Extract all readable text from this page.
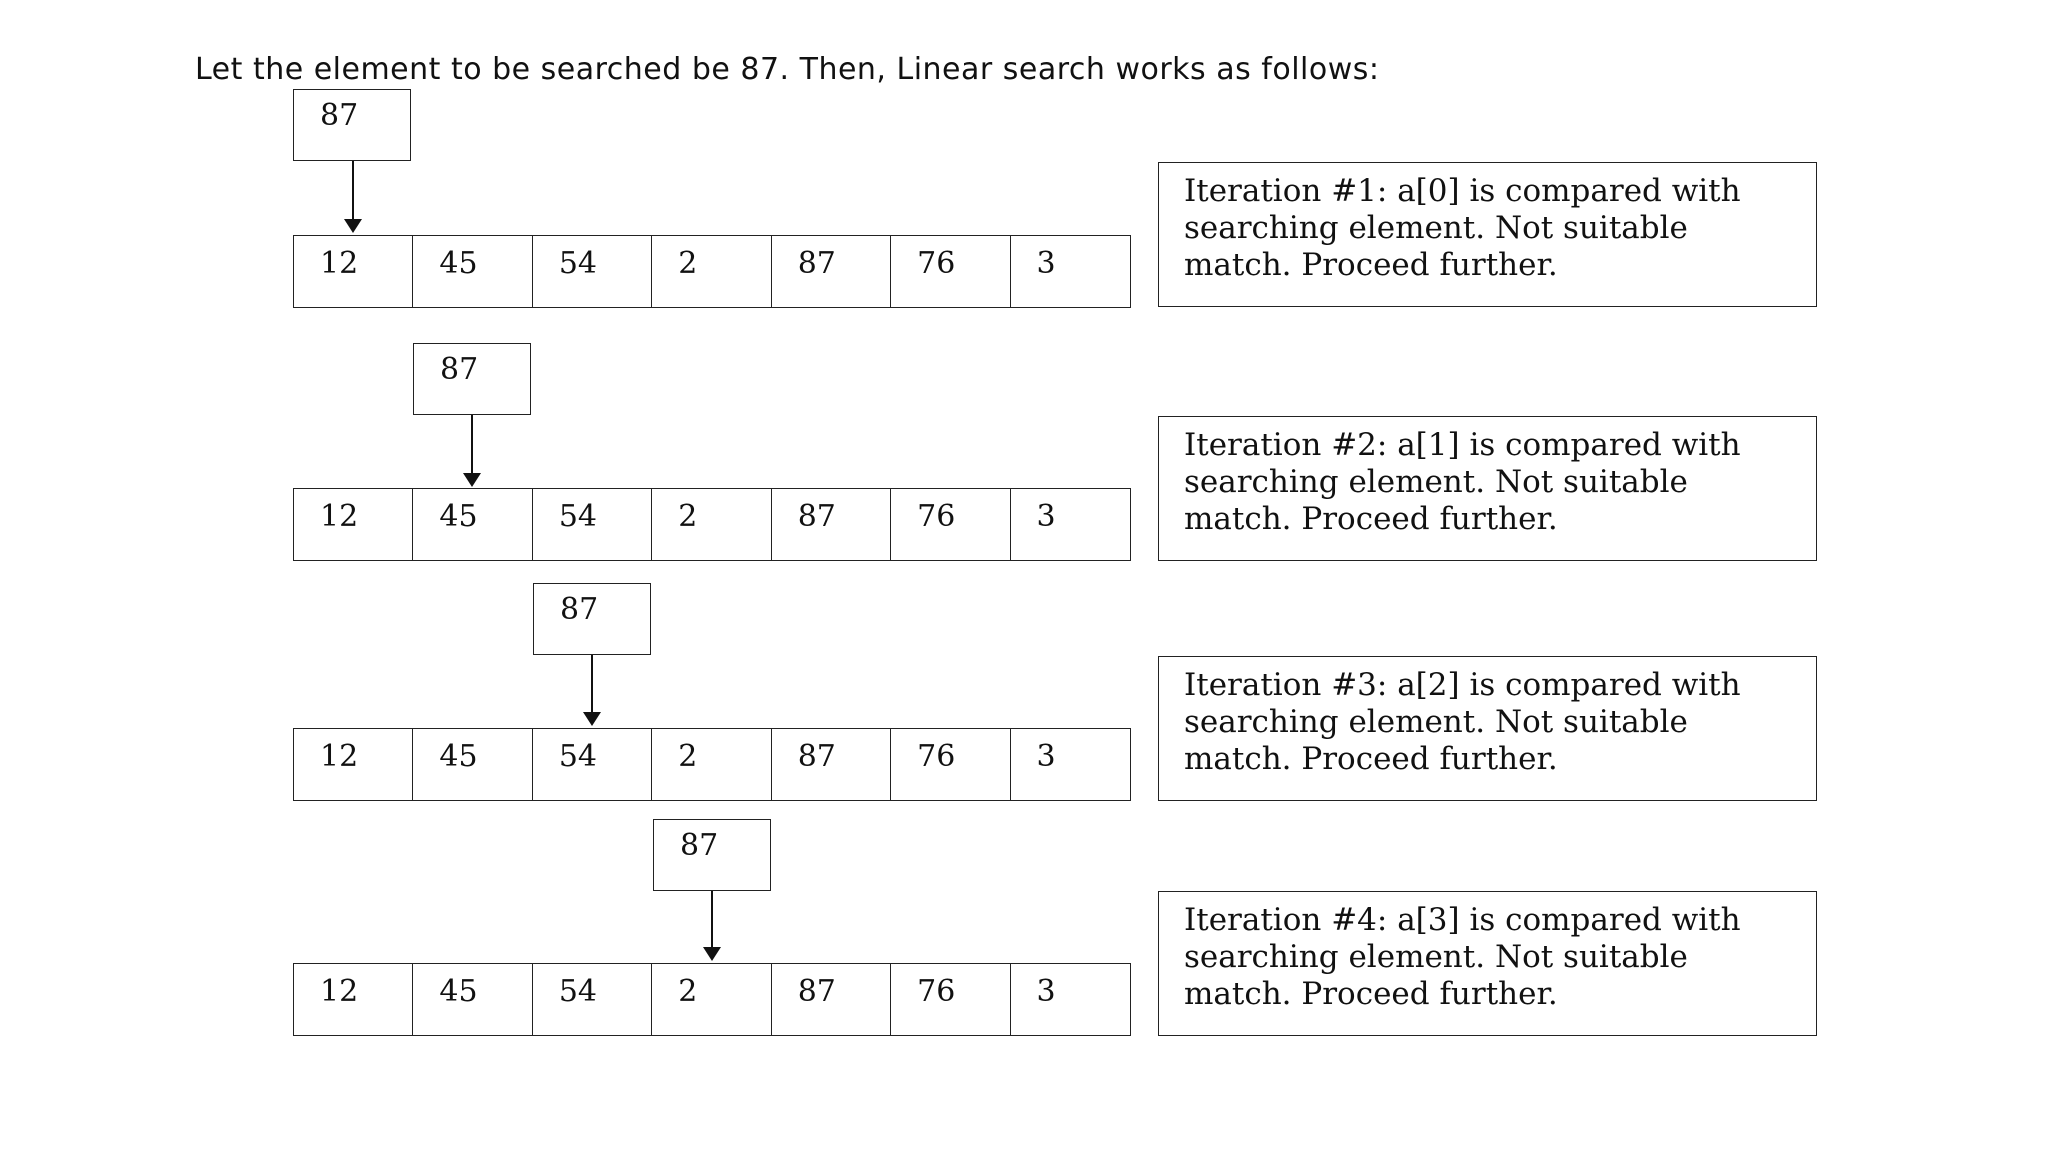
Let the element to be searched be 87. Then, Linear search works as follows:
87
12	45	54	2	87	76	3
Iteration #1: a[0] is compared with
searching element. Not suitable
match. Proceed further.
87
12	45	54	2	87	76	3
Iteration #2: a[1] is compared with
searching element. Not suitable
match. Proceed further.
87
12	45	54	2	87	76	3
Iteration #3: a[2] is compared with
searching element. Not suitable
match. Proceed further.
87
12	45	54	2	87	76	3
Iteration #4: a[3] is compared with
searching element. Not suitable
match. Proceed further.
